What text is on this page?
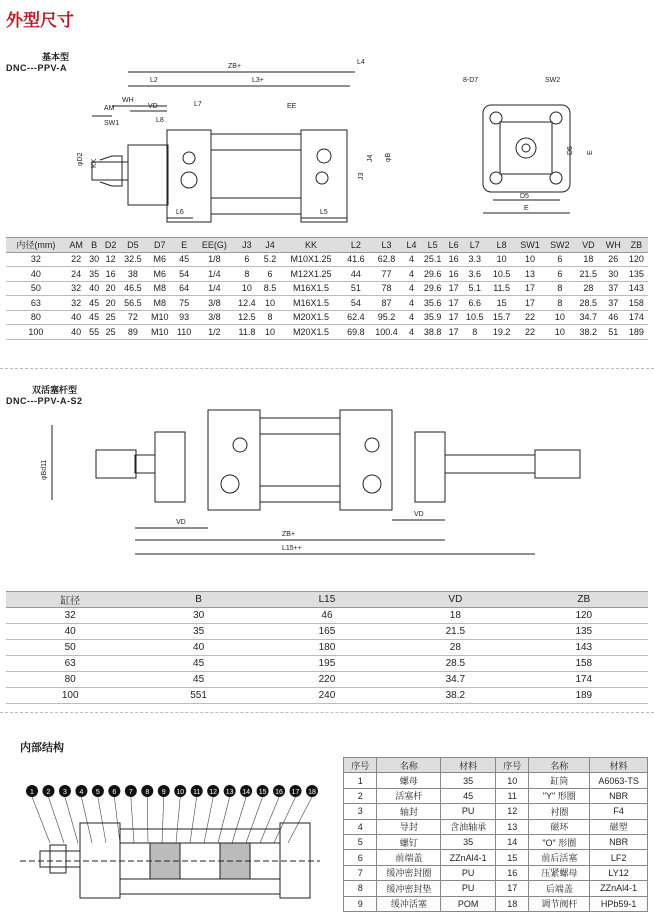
外型尺寸
基本型
DNC---PPV-A	ZB+
L2	L3+
L4
WH
AM	VD	L7
SW1	L8
EE
φD2 KK
J3
J4 φB
L6	L5
8-D7	SW2
D5 E
D5
E
内径(mm)	AM	B	D2	D5	D7	E	EE(G)	J3	J4	KK	L2	L3	L4	L5	L6	L7	L8	SW1	SW2	VD	WH	ZB
32	22	30	12	32.5	M6	45	1/8	6	5.2	M10X1.25	41.6	62.8	4	25.1	16	3.3	10	10	6	18	26	120
40	24	35	16	38	M6	54	1/4	8	6	M12X1.25	44	77	4	29.6	16	3.6	10.5	13	6	21.5	30	135
50	32	40	20	46.5	M8	64	1/4	10	8.5	M16X1.5	51	78	4	29.6	17	5.1	11.5	17	8	28	37	143
63	32	45	20	56.5	M8	75	3/8	12.4	10	M16X1.5	54	87	4	35.6	17	6.6	15	17	8	28.5	37	158
80	40	45	25	72	M10	93	3/8	12.5	8	M20X1.5	62.4	95.2	4	35.9	17	10.5	15.7	22	10	34.7	46	174
100	40	55	25	89	M10	110	1/2	11.8	10	M20X1.5	69.8	100.4	4	38.8	17	8	19.2	22	10	38.2	51	189
双活塞杆型
DNC---PPV-A-S2
φBd11
VD
VD
ZB+
L15++
缸径	B	L15	VD	ZB
32	30	46	18	120
40	35	165	21.5	135
50	40	180	28	143
63	45	195	28.5	158
80	45	220	34.7	174
100	551	240	38.2	189
内部结构
1 2 3 4 5 6 7 8 9 10 11 12 13 14 15 16 17 18
序号	名称	材料	序号	名称	材料
1	螺母	35	10	缸筒	A6063-TS
2	活塞杆	45	11	"Y" 形圈	NBR
3	轴封	PU	12	衬圈	F4
4	导封	含油轴承	13	磁环	磁塑
5	螺钉	35	14	"O" 形圈	NBR
6	前端盖	ZZnAl4-1	15	前后活塞	LF2
7	缓冲密封圈	PU	16	压紧螺母	LY12
8	缓冲密封垫	PU	17	后端盖	ZZnAl4-1
9	缓冲活塞	POM	18	调节阀杆	HPb59-1
